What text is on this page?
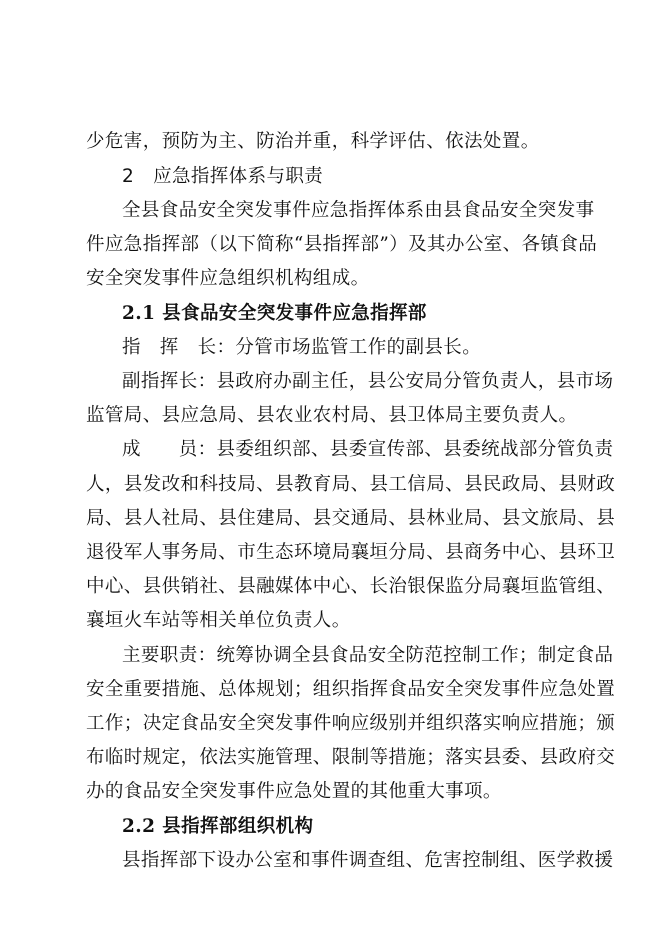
少危害，预防为主、防治并重，科学评估、依法处置。
2　应急指挥体系与职责
全县食品安全突发事件应急指挥体系由县食品安全突发事
件应急指挥部（以下简称“县指挥部”）及其办公室、各镇食品
安全突发事件应急组织机构组成。
2.1 县食品安全突发事件应急指挥部
指　挥　长：分管市场监管工作的副县长。
副指挥长：县政府办副主任，县公安局分管负责人，县市场
监管局、县应急局、县农业农村局、县卫体局主要负责人。
成　　员：县委组织部、县委宣传部、县委统战部分管负责
人，县发改和科技局、县教育局、县工信局、县民政局、县财政
局、县人社局、县住建局、县交通局、县林业局、县文旅局、县
退役军人事务局、市生态环境局襄垣分局、县商务中心、县环卫
中心、县供销社、县融媒体中心、长治银保监分局襄垣监管组、
襄垣火车站等相关单位负责人。
主要职责：统筹协调全县食品安全防范控制工作；制定食品
安全重要措施、总体规划；组织指挥食品安全突发事件应急处置
工作；决定食品安全突发事件响应级别并组织落实响应措施；颁
布临时规定，依法实施管理、限制等措施；落实县委、县政府交
办的食品安全突发事件应急处置的其他重大事项。
2.2 县指挥部组织机构
县指挥部下设办公室和事件调查组、危害控制组、医学救援
